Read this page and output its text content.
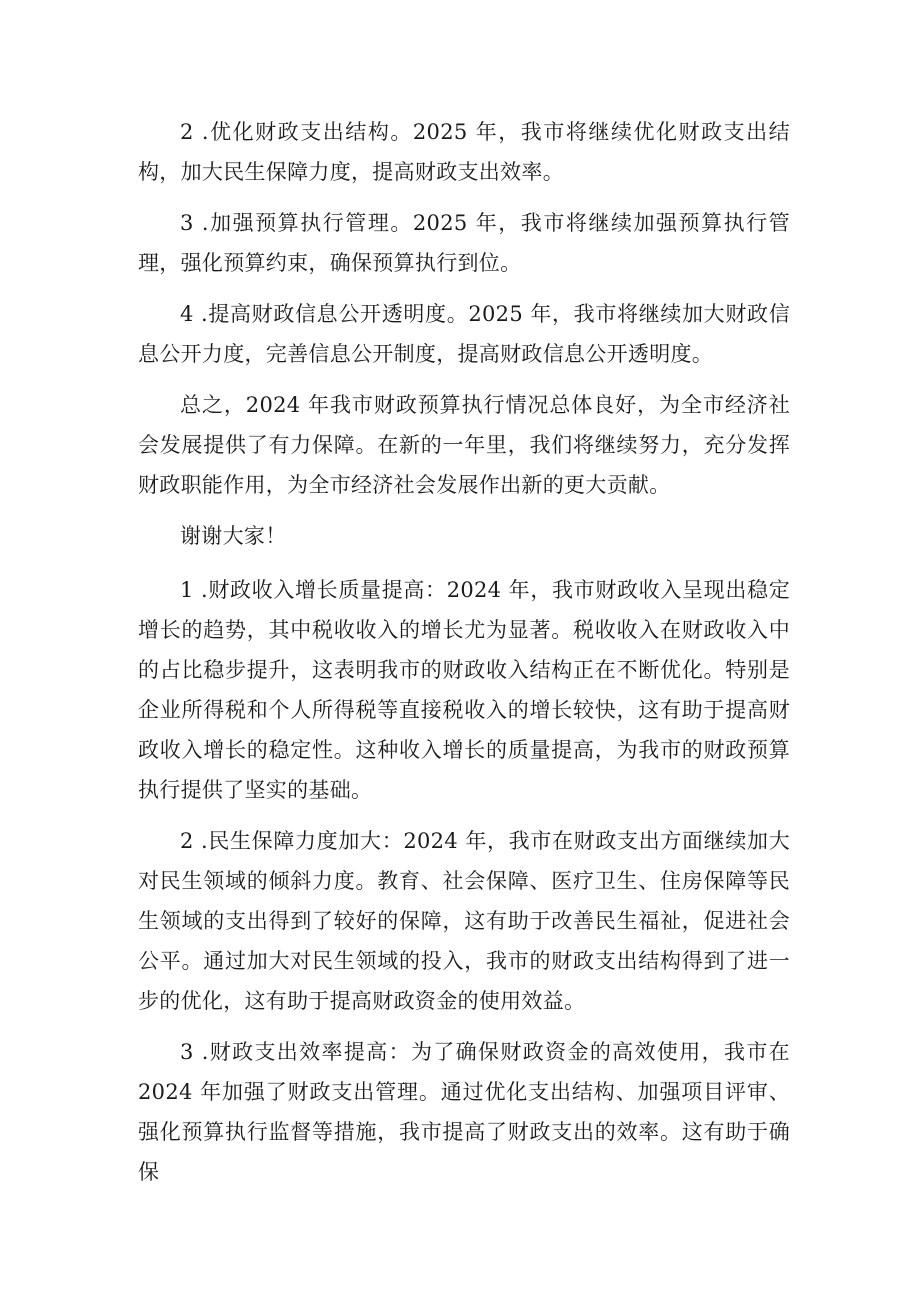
2 .优化财政支出结构。2025 年，我市将继续优化财政支出结构，加大民生保障力度，提高财政支出效率。

3 .加强预算执行管理。2025 年，我市将继续加强预算执行管理，强化预算约束，确保预算执行到位。

4 .提高财政信息公开透明度。2025 年，我市将继续加大财政信息公开力度，完善信息公开制度，提高财政信息公开透明度。

总之，2024 年我市财政预算执行情况总体良好，为全市经济社会发展提供了有力保障。在新的一年里，我们将继续努力，充分发挥财政职能作用，为全市经济社会发展作出新的更大贡献。

谢谢大家！

1 .财政收入增长质量提高：2024 年，我市财政收入呈现出稳定增长的趋势，其中税收收入的增长尤为显著。税收收入在财政收入中的占比稳步提升，这表明我市的财政收入结构正在不断优化。特别是企业所得税和个人所得税等直接税收入的增长较快，这有助于提高财政收入增长的稳定性。这种收入增长的质量提高，为我市的财政预算执行提供了坚实的基础。

2 .民生保障力度加大：2024 年，我市在财政支出方面继续加大对民生领域的倾斜力度。教育、社会保障、医疗卫生、住房保障等民生领域的支出得到了较好的保障，这有助于改善民生福祉，促进社会公平。通过加大对民生领域的投入，我市的财政支出结构得到了进一步的优化，这有助于提高财政资金的使用效益。

3 .财政支出效率提高：为了确保财政资金的高效使用，我市在2024 年加强了财政支出管理。通过优化支出结构、加强项目评审、强化预算执行监督等措施，我市提高了财政支出的效率。这有助于确保
